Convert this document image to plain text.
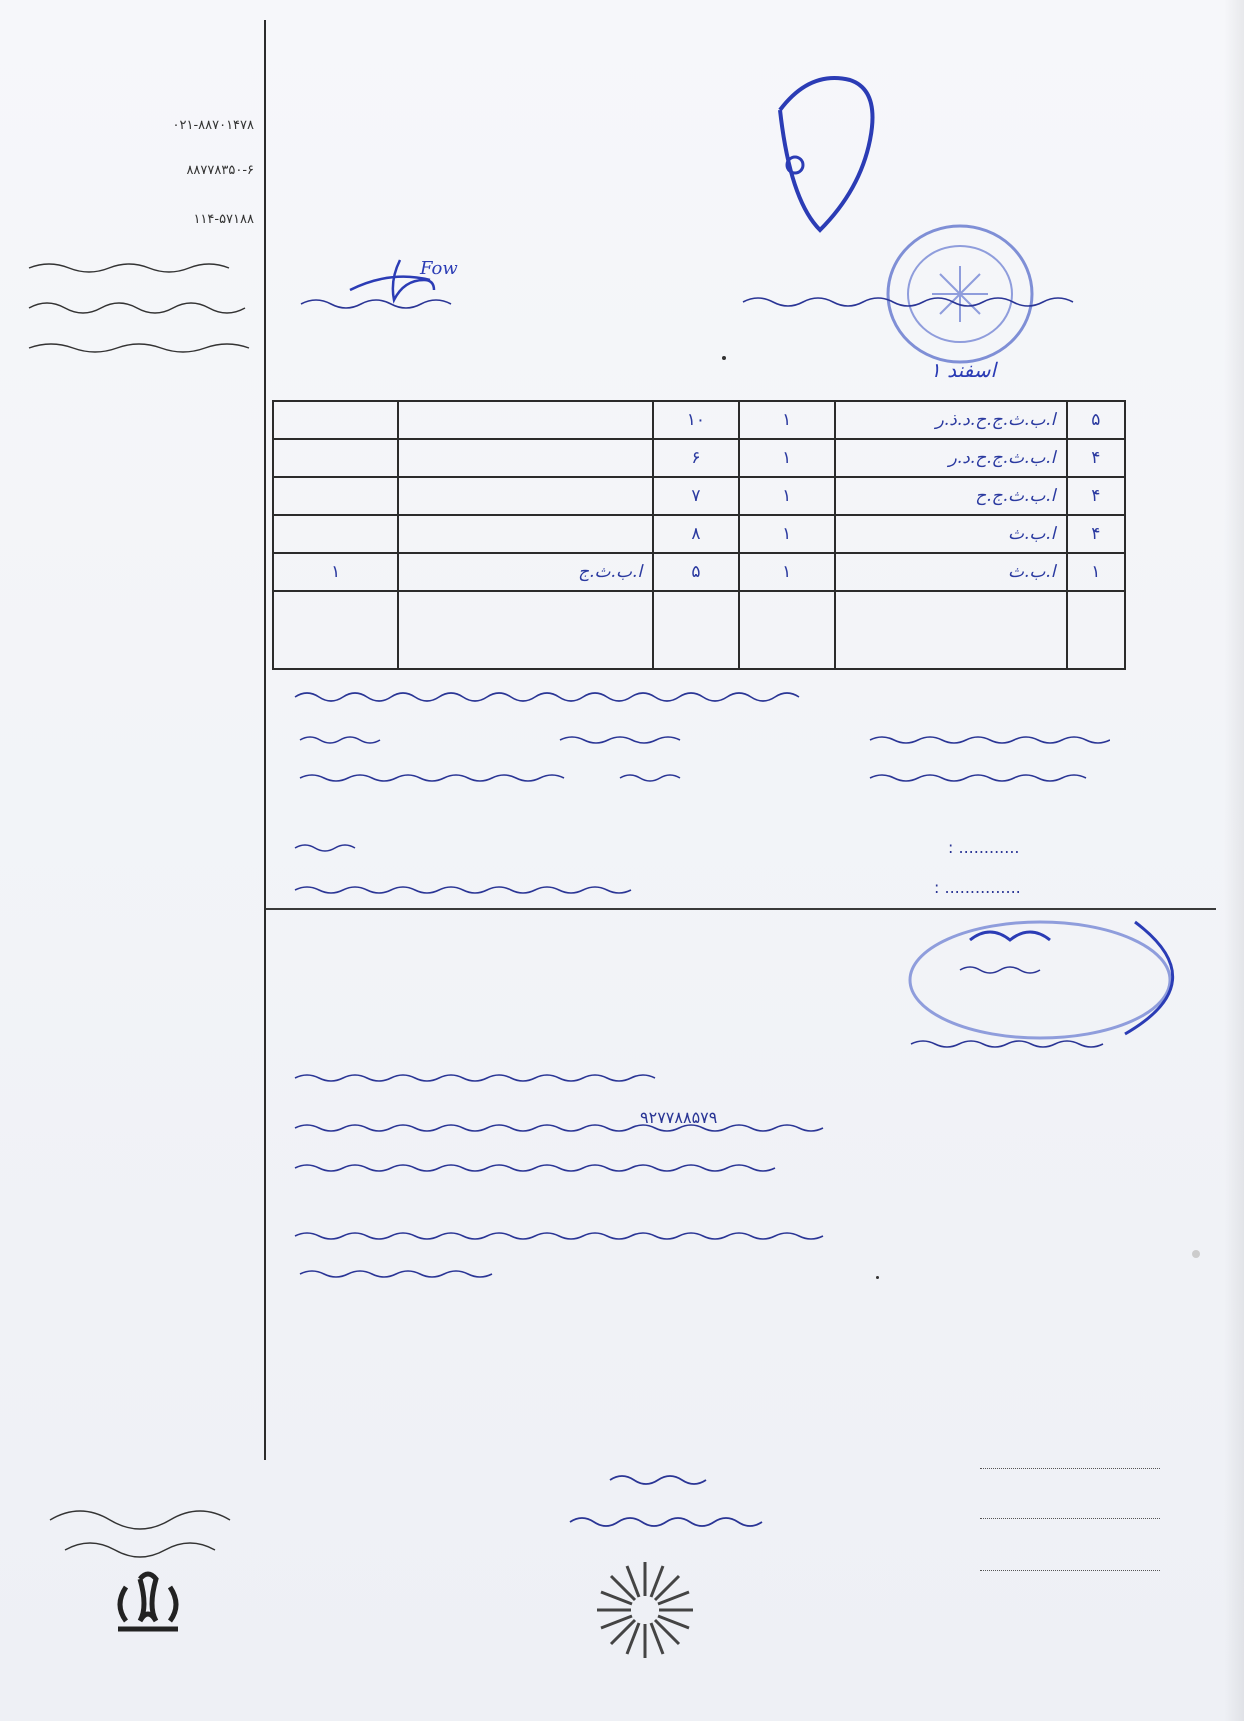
۰۲۱-۸۸۷۰۱۴۷۸
۸۸۷۷۸۳۵۰-۶
۱۱۴-۵۷۱۸۸
Fow
۱ اسفند
۵	ا.ب.ث.ج.ح.د.ذ.ر	۱	۱۰		
۴	ا.ب.ث.ج.ح.د.ر	۱	۶		
۴	ا.ب.ث.ج.ح	۱	۷		
۴	ا.ب.ث	۱	۸		
۱	ا.ب.ث	۱	۵	ا.ب.ث.ج	۱

............ :
............... :
۹۲۷۷۸۸۵۷۹
